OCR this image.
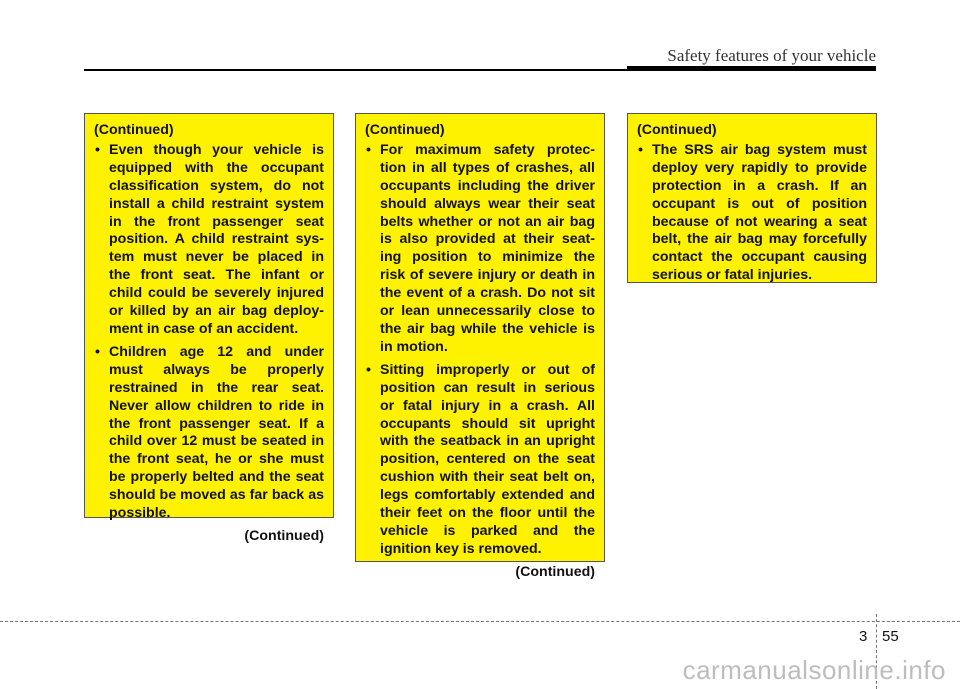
Safety features of your vehicle
(Continued)
• Even though your vehicle is equipped with the occupant classification system, do not install a child restraint system in the front passenger seat position. A child restraint sys-tem must never be placed in the front seat. The infant or child could be severely injured or killed by an air bag deploy-ment in case of an accident.
• Children age 12 and under must always be properly restrained in the rear seat. Never allow children to ride in the front passenger seat. If a child over 12 must be seated in the front seat, he or she must be properly belted and the seat should be moved as far back as possible.
(Continued)
(Continued)
• For maximum safety protec-tion in all types of crashes, all occupants including the driver should always wear their seat belts whether or not an air bag is also provided at their seat-ing position to minimize the risk of severe injury or death in the event of a crash. Do not sit or lean unnecessarily close to the air bag while the vehicle is in motion.
• Sitting improperly or out of position can result in serious or fatal injury in a crash. All occupants should sit upright with the seatback in an upright position, centered on the seat cushion with their seat belt on, legs comfortably extended and their feet on the floor until the vehicle is parked and the ignition key is removed.
(Continued)
(Continued)
• The SRS air bag system must deploy very rapidly to provide protection in a crash. If an occupant is out of position because of not wearing a seat belt, the air bag may forcefully contact the occupant causing serious or fatal injuries.
3 55
carmanualsonline.info
